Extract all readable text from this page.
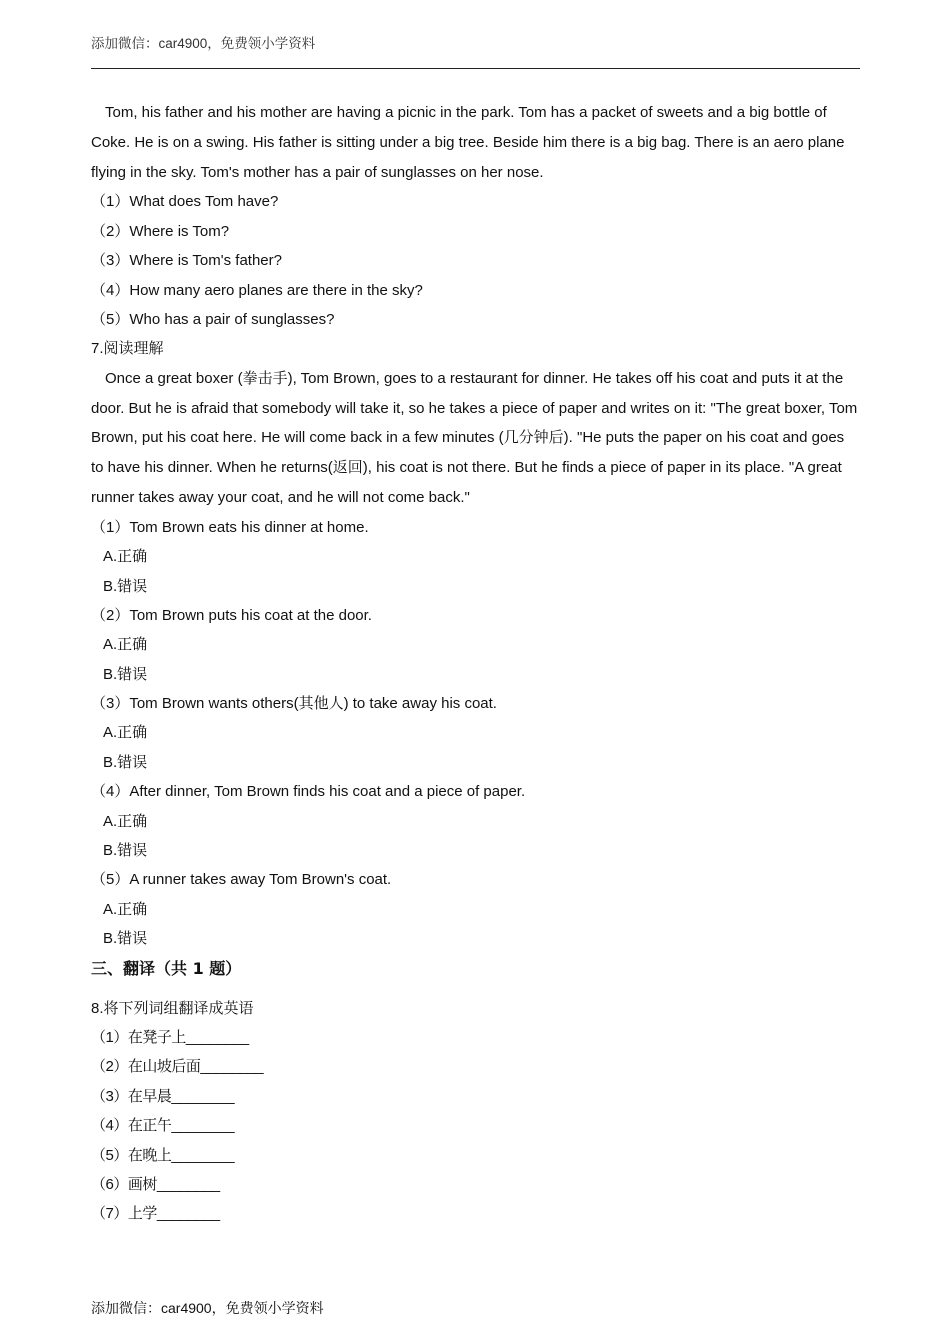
添加微信：car4900，免费领小学资料

Tom, his father and his mother are having a picnic in the park. Tom has a packet of sweets and a big bottle of Coke. He is on a swing. His father is sitting under a big tree. Beside him there is a big bag. There is an aero plane flying in the sky. Tom's mother has a pair of sunglasses on her nose.

（1）What does Tom have?
（2）Where is Tom?
（3）Where is Tom's father?
（4）How many aero planes are there in the sky?
（5）Who has a pair of sunglasses?
7.阅读理解

Once a great boxer (拳击手), Tom Brown, goes to a restaurant for dinner. He takes off his coat and puts it at the door. But he is afraid that somebody will take it, so he takes a piece of paper and writes on it: "The great boxer, Tom Brown, put his coat here. He will come back in a few minutes (几分钟后). "He puts the paper on his coat and goes to have his dinner. When he returns(返回), his coat is not there. But he finds a piece of paper in its place. "A great runner takes away your coat, and he will not come back."

（1）Tom Brown eats his dinner at home.
A.正确
B.错误
（2）Tom Brown puts his coat at the door.
A.正确
B.错误
（3）Tom Brown wants others(其他人) to take away his coat.
A.正确
B.错误
（4）After dinner, Tom Brown finds his coat and a piece of paper.
A.正确
B.错误
（5）A runner takes away Tom Brown's coat.
A.正确
B.错误
三、翻译（共 1 题）
8.将下列词组翻译成英语
（1）在凳子上________
（2）在山坡后面________
（3）在早晨________
（4）在正午________
（5）在晚上________
（6）画树________
（7）上学________
添加微信：car4900，免费领小学资料
